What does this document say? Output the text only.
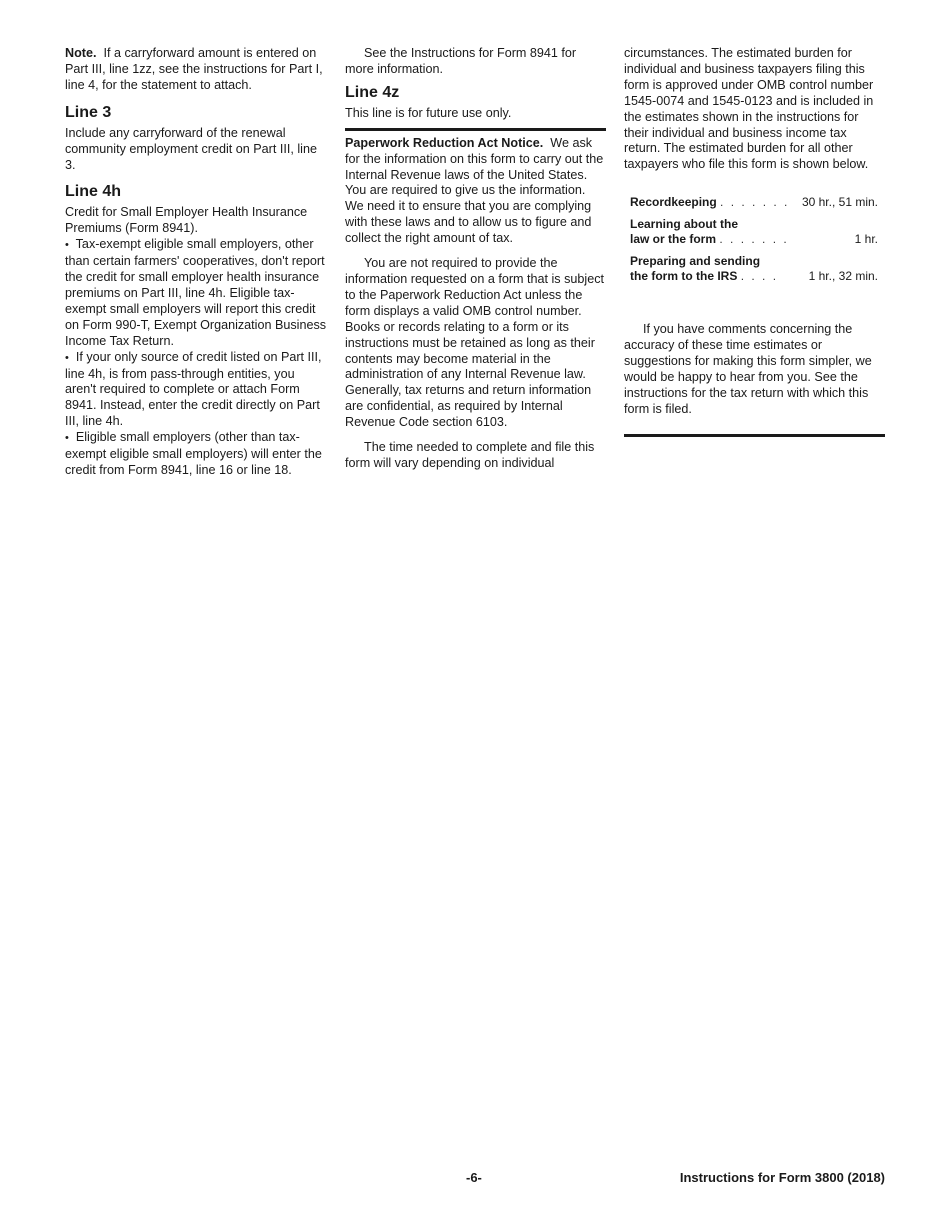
Note. If a carryforward amount is entered on Part III, line 1zz, see the instructions for Part I, line 4, for the statement to attach.

Line 3

Include any carryforward of the renewal community employment credit on Part III, line 3.

Line 4h

Credit for Small Employer Health Insurance Premiums (Form 8941).

• Tax-exempt eligible small employers, other than certain farmers' cooperatives, don't report the credit for small employer health insurance premiums on Part III, line 4h. Eligible tax-exempt small employers will report this credit on Form 990-T, Exempt Organization Business Income Tax Return.

• If your only source of credit listed on Part III, line 4h, is from pass-through entities, you aren't required to complete or attach Form 8941. Instead, enter the credit directly on Part III, line 4h.

• Eligible small employers (other than tax-exempt eligible small employers) will enter the credit from Form 8941, line 16 or line 18.

See the Instructions for Form 8941 for more information.

Line 4z

This line is for future use only.

Paperwork Reduction Act Notice. We ask for the information on this form to carry out the Internal Revenue laws of the United States. You are required to give us the information. We need it to ensure that you are complying with these laws and to allow us to figure and collect the right amount of tax.

You are not required to provide the information requested on a form that is subject to the Paperwork Reduction Act unless the form displays a valid OMB control number. Books or records relating to a form or its instructions must be retained as long as their contents may become material in the administration of any Internal Revenue law. Generally, tax returns and return information are confidential, as required by Internal Revenue Code section 6103.

The time needed to complete and file this form will vary depending on individual

circumstances. The estimated burden for individual and business taxpayers filing this form is approved under OMB control number 1545-0074 and 1545-0123 and is included in the estimates shown in the instructions for their individual and business income tax return. The estimated burden for all other taxpayers who file this form is shown below.

Recordkeeping . . . . . . . 30 hr., 51 min.
Learning about the
law or the form . . . . . . .	1 hr.
Preparing and sending
the form to the IRS . . . .	1 hr., 32 min.

If you have comments concerning the accuracy of these time estimates or suggestions for making this form simpler, we would be happy to hear from you. See the instructions for the tax return with which this form is filed.

-6-	Instructions for Form 3800 (2018)
